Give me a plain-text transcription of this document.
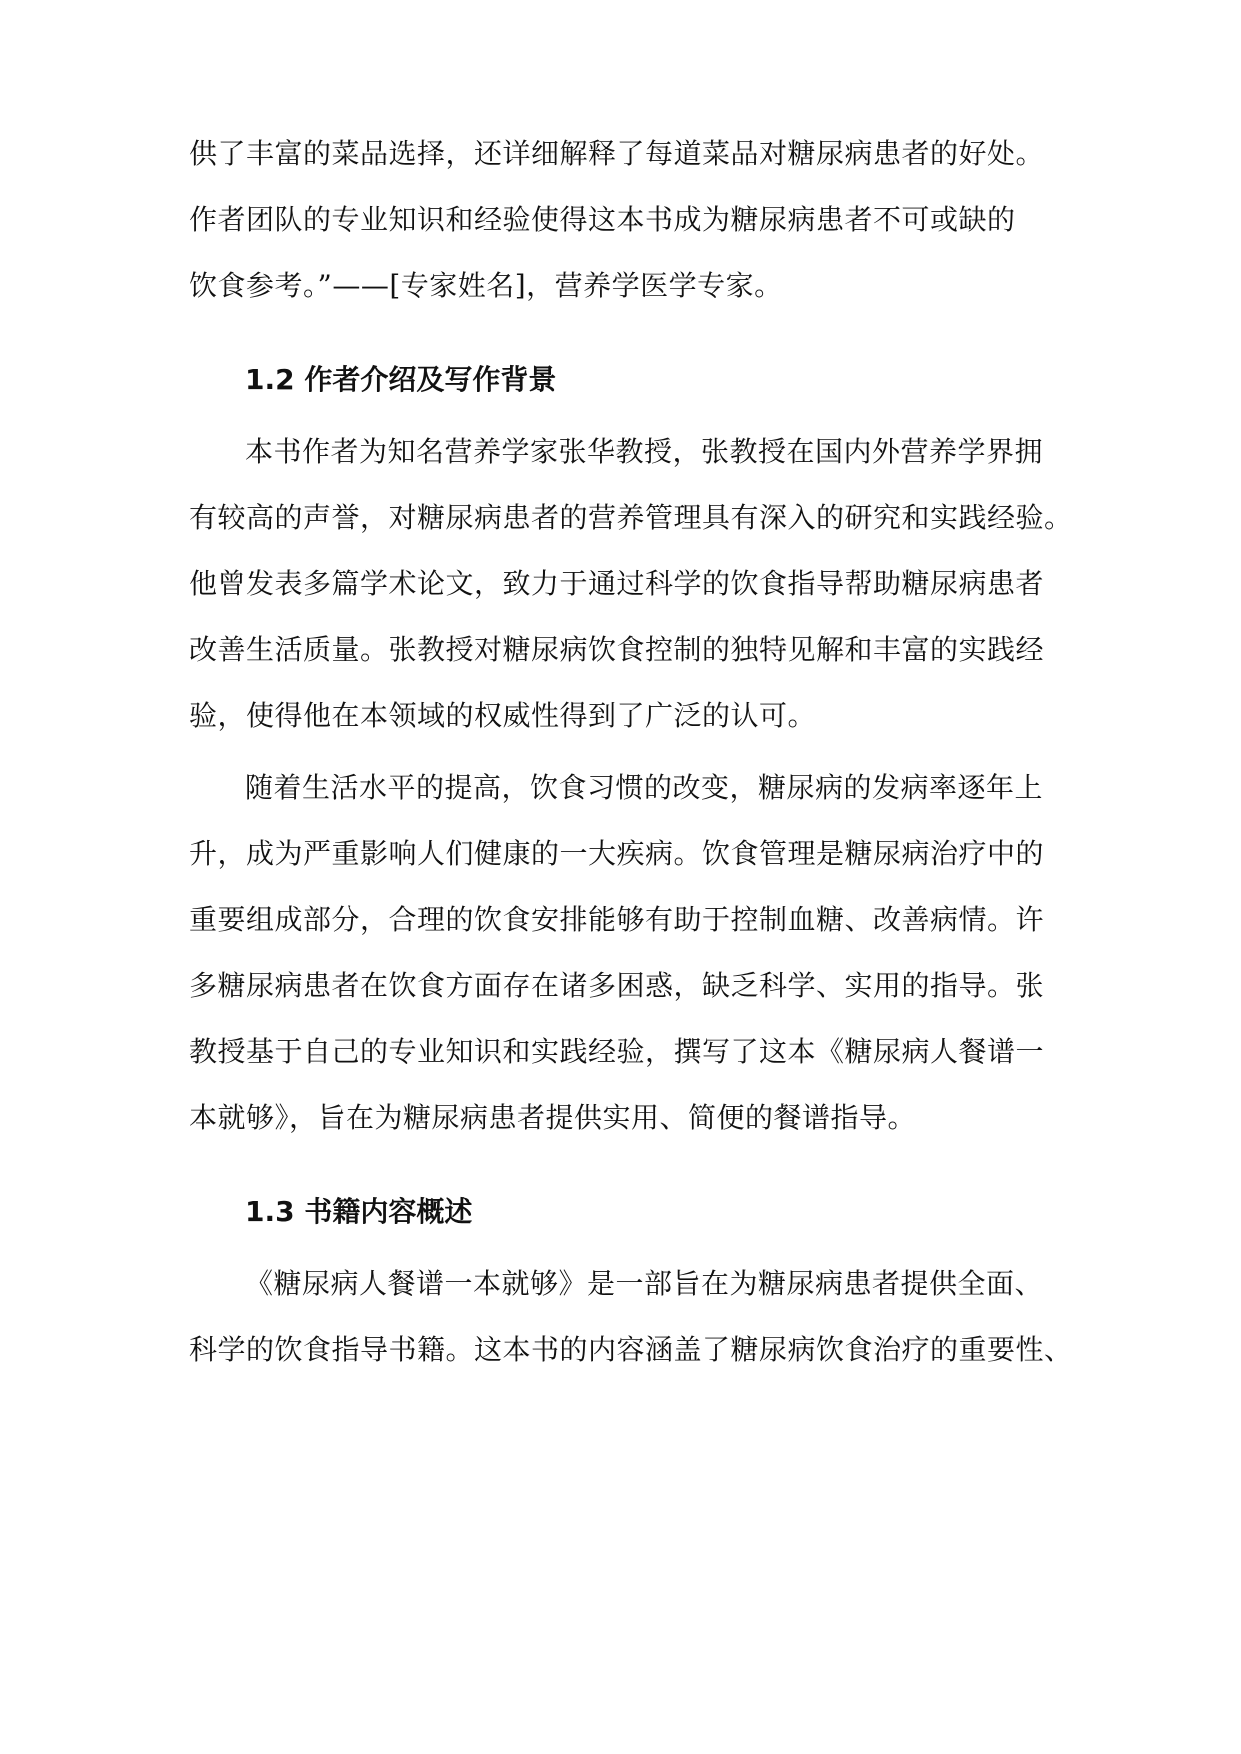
供了丰富的菜品选择，还详细解释了每道菜品对糖尿病患者的好处。
作者团队的专业知识和经验使得这本书成为糖尿病患者不可或缺的
饮食参考。”——[专家姓名]，营养学医学专家。
1.2 作者介绍及写作背景
本书作者为知名营养学家张华教授，张教授在国内外营养学界拥
有较高的声誉，对糖尿病患者的营养管理具有深入的研究和实践经验。
他曾发表多篇学术论文，致力于通过科学的饮食指导帮助糖尿病患者
改善生活质量。张教授对糖尿病饮食控制的独特见解和丰富的实践经
验，使得他在本领域的权威性得到了广泛的认可。
随着生活水平的提高，饮食习惯的改变，糖尿病的发病率逐年上
升，成为严重影响人们健康的一大疾病。饮食管理是糖尿病治疗中的
重要组成部分，合理的饮食安排能够有助于控制血糖、改善病情。许
多糖尿病患者在饮食方面存在诸多困惑，缺乏科学、实用的指导。张
教授基于自己的专业知识和实践经验，撰写了这本《糖尿病人餐谱一
本就够》，旨在为糖尿病患者提供实用、简便的餐谱指导。
1.3 书籍内容概述
《糖尿病人餐谱一本就够》是一部旨在为糖尿病患者提供全面、
科学的饮食指导书籍。这本书的内容涵盖了糖尿病饮食治疗的重要性、
